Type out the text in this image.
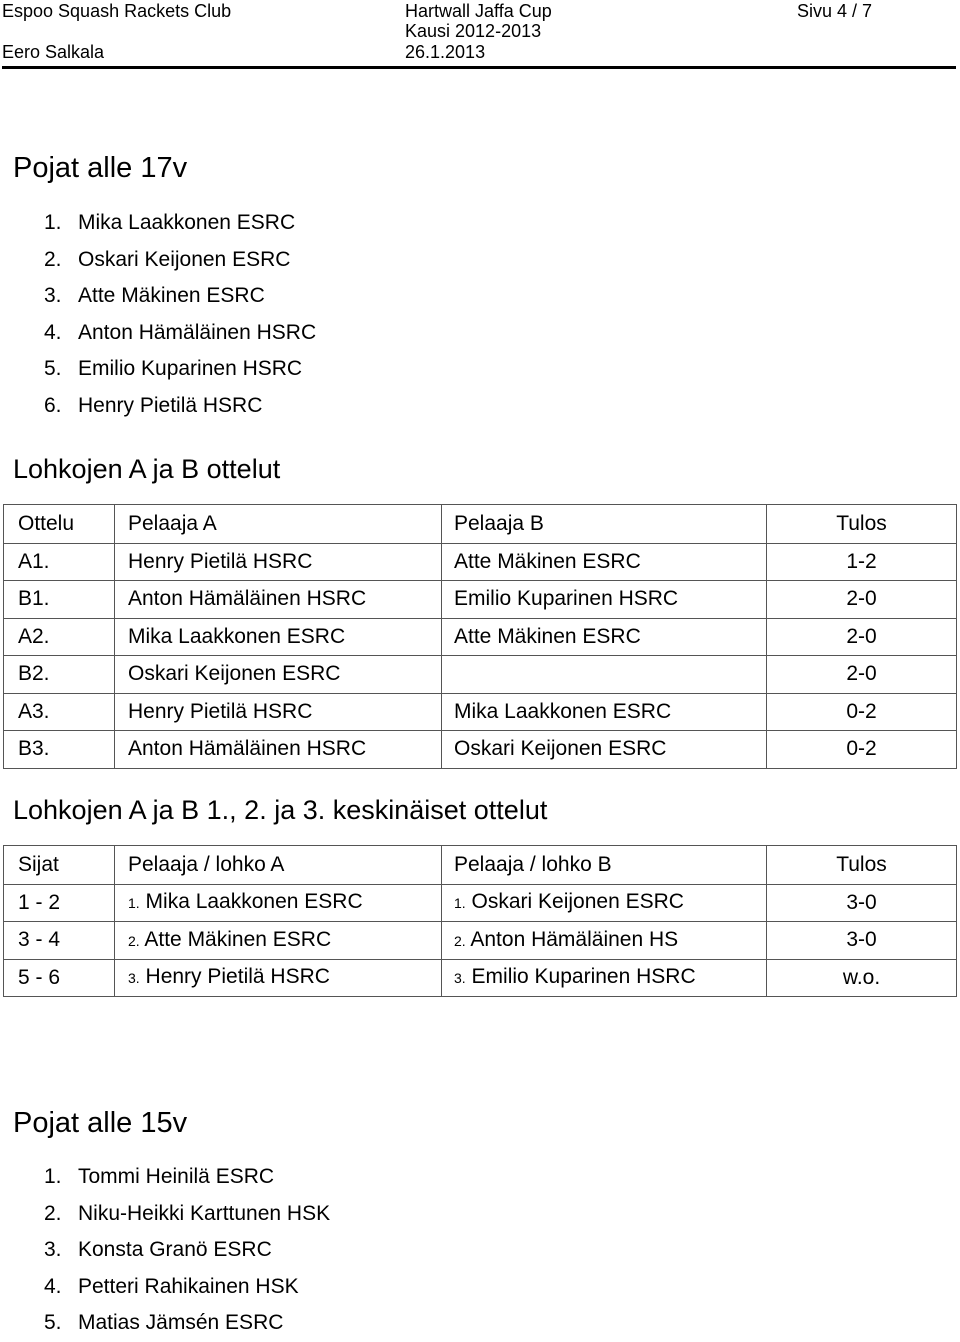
Espoo Squash Rackets Club	Hartwall Jaffa Cup	Sivu 4 / 7
Eero Salkala
Kausi 2012-2013
26.1.2013
Pojat alle 17v
1. Mika Laakkonen ESRC
2. Oskari Keijonen ESRC
3. Atte Mäkinen ESRC
4. Anton Hämäläinen HSRC
5. Emilio Kuparinen HSRC
6. Henry Pietilä HSRC
Lohkojen A ja B ottelut
Ottelu	Pelaaja A	Pelaaja B	Tulos
A1.	Henry Pietilä HSRC	Atte Mäkinen ESRC	1-2
B1.	Anton Hämäläinen HSRC	Emilio Kuparinen HSRC	2-0
A2.	Mika Laakkonen ESRC	Atte Mäkinen ESRC	2-0
B2.	Oskari Keijonen ESRC		2-0
A3.	Henry Pietilä HSRC	Mika Laakkonen ESRC	0-2
B3.	Anton Hämäläinen HSRC	Oskari Keijonen ESRC	0-2
Lohkojen A ja B 1., 2. ja 3. keskinäiset ottelut
Sijat	Pelaaja / lohko A	Pelaaja / lohko B	Tulos
1 - 2	1. Mika Laakkonen ESRC	1. Oskari Keijonen ESRC	3-0
3 - 4	2. Atte Mäkinen ESRC	2. Anton Hämäläinen HS	3-0
5 - 6	3. Henry Pietilä HSRC	3. Emilio Kuparinen HSRC	w.o.
Pojat alle 15v
1. Tommi Heinilä ESRC
2. Niku-Heikki Karttunen HSK
3. Konsta Granö ESRC
4. Petteri Rahikainen HSK
5. Matias Jämsén ESRC
